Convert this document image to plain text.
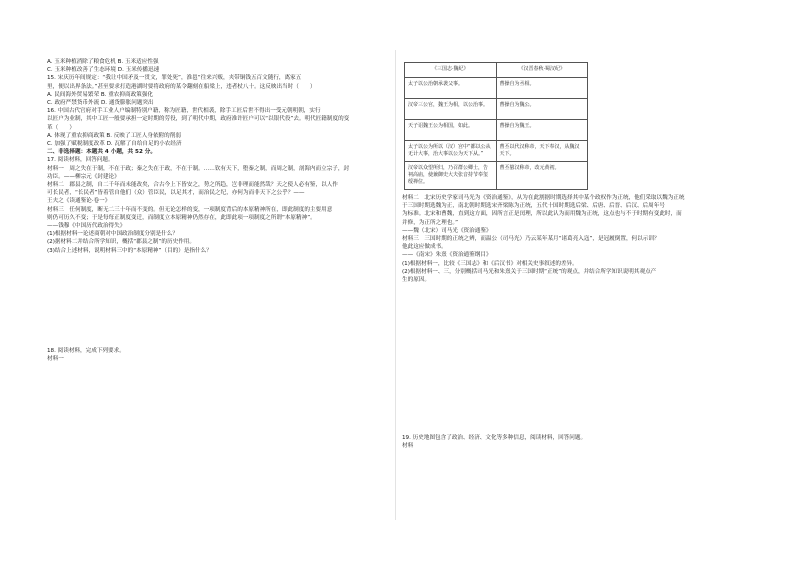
A. 玉米种植消除了粮食危机 B. 玉米适应性强
C. 玉米种植改善了生态环境 D. 玉米传播迅速
15. 宋庆历年间规定：“我让中国矛及一贯文，罪处死”，淮邕“往来兴贩，夹带铜钱五百文随行，离家五
里，便以出界条法。”甚至要求打造港湖时要将政府的某令翻刻在船梁上，违者杖八十。这反映出当时（　　）
A. 民间海外贸易繁荣 B. 重农抑商政策强化
C. 政府严禁货币外流 D. 通货膨胀问题突出
16. 中国古代官府对手工业人户编制特别户籍，称为匠籍，世代相袭，除手工匠后世不得出一受元朝明朝，实行
以匠户为业制，其中工匠一般要承担一定时期的劳役，到了明代中期，政府准许匠户可以“以银代役”去。明代匠籍制度的变
革（　　）
A. 体现了重农抑商政策 B. 反映了工匠人身依附的削弱
C. 加强了赋税制度改革 D. 瓦解了自给自足的小农经济
二、非选择题：本题共 4 小题，共 52 分。
17. 阅读材料，回答问题。
材料一　周之失在于制，不在于政；秦之失在于政，不在于制。……钦有天下，堕秦之制，而周之制，剖海内而立宗子，封
功臣。——柳宗元《封建论》
材料二　郡县之制，自二千年而未能改矣，合古今上下皆安之，势之所趋，岂非理而能然哉？天之使人必有鉴，以人作
可长民者，“长民者”皆着管自他们（众）管臣民，以足其才，而治民之纪，亦何为而非天下之公乎？——
王夫之《读通鉴论·卷一》
材料三　任何制度，断无二三十年而不变的。但无论怎样的变，一项制度背后的本原精神所在，即此制度的主要用意
则仍可历久不变；于是每每正制度变迁，而制度立本原精神仍然存在，此即此项一项制度之所谓“本原精神”。
——钱穆《中国历代政治得失》
(1)根据材料一论述商朝对中国政治制度分别是什么？
(2)据材料二并结合所学知识，概括“郡县之制”的历史作用。
(3)结合上述材料，说明材料三中的“本原精神”（目的）是指什么？
18. 阅读材料，完成下列要求。
材料一
《三国志·魏纪》	《汉晋春秋·蜀汉纪》
太子以公治朝承袭父事。	曹操自为丞相。
汉帝三公官，魏王为相，以公治事。	曹操自为魏公。
天子诏魏王公为相国，如此。	曹操自为魏王。
太子以公为所以（汉）宫中“都以公从无计大事，治大事以公为天下从。”	曹丕以代汉称帝，天下奉汉，从魏汉天下。
汉帝以众望所归，乃召群公卿士，告祠高庙，使兼御史大夫张音持节奉玺绶禅位。	曹丕篡汉称帝，改元黄初。
材料二　北宋历史学家司马光为《资治通鉴》，从为在此割据时期选择其中某个政权作为正统，他们采取以魏为正统
于三国时期选魏为正，南北朝时期选宋齐梁陈为正统，五代十国时期选后梁、后唐、后晋、后汉、后周年号
为标准。北宋和曹魏，直到这方面，因所言正是闰理，所以此认为而用魏为正统，这点也与不于时期有变此时，而
并修，为正所之理也。”
——魏（北宋）司马光《资治通鉴》
材料三　三国时期的正统之辨，而温公（司马光）乃云某年某月“诸葛亮入寇”，是冠履倒置，何以示训？
他此这应做成书。
——《南宋》朱熹《资治通鉴纲目》
(1)根据材料一，比较《三国志》和《后汉书》对相关史事叙述的差异。
(2)根据材料一、三，分别概括司马光和朱熹关于三国时期“正统”的观点，并结合所学知识说明其观点产
生的原因。
19. 历史地图包含了政治、经济、文化等多种信息，阅读材料，回答问题。
材料
